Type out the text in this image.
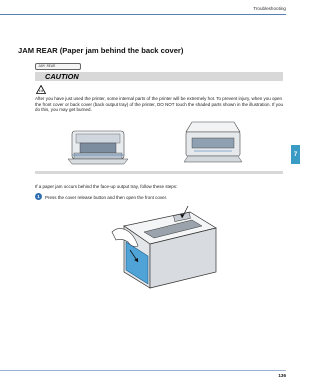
Troubleshooting
7
JAM REAR (Paper jam behind the back cover)
JAM REAR
CAUTION
After you have just used the printer, some internal parts of the printer will be extremely hot. To prevent injury, when you open the front cover or back cover (back output tray) of the printer, DO NOT touch the shaded parts shown in the illustration. If you do this, you may get burned.
If a paper jam occurs behind the face-up output tray, follow these steps:
1	Press the cover release button and then open the front cover.
136
